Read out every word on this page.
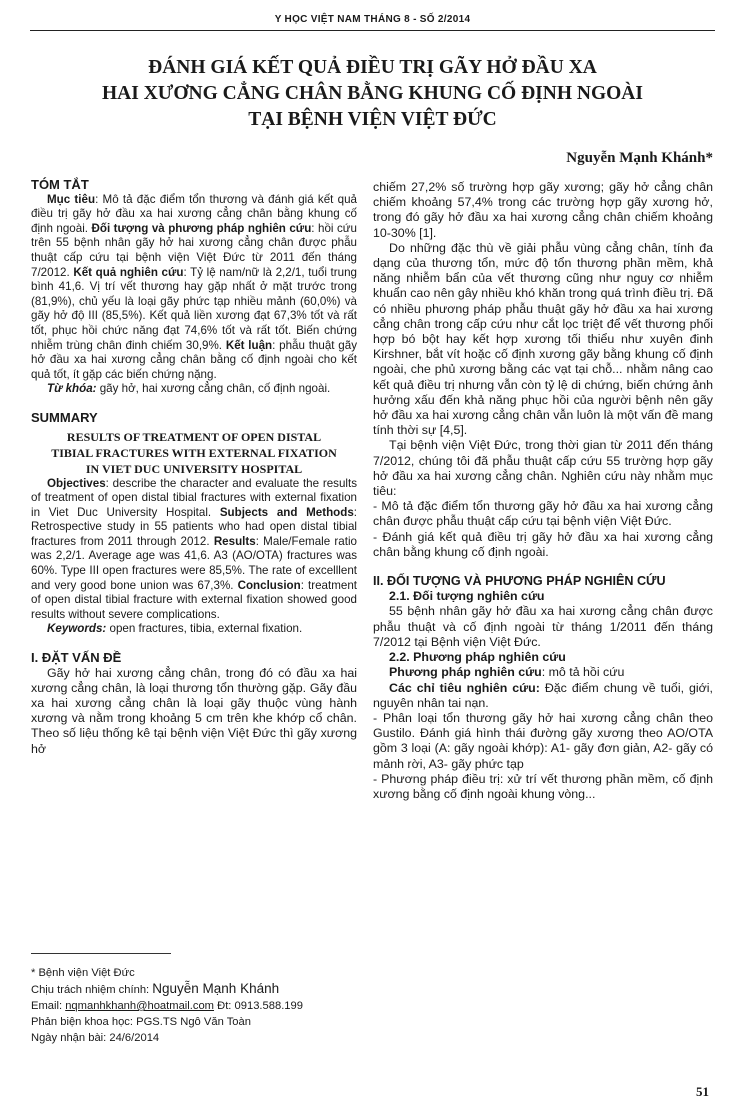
Y HỌC VIỆT NAM THÁNG 8 - SỐ 2/2014
ĐÁNH GIÁ KẾT QUẢ ĐIỀU TRỊ GÃY HỞ ĐẦU XA
HAI XƯƠNG CẲNG CHÂN BẰNG KHUNG CỐ ĐỊNH NGOÀI
TẠI BỆNH VIỆN VIỆT ĐỨC
Nguyễn Mạnh Khánh*
TÓM TẮT

Mục tiêu: Mô tả đặc điểm tổn thương và đánh giá kết quả điều trị gãy hở đầu xa hai xương cẳng chân bằng khung cố định ngoài. Đối tượng và phương pháp nghiên cứu: hồi cứu trên 55 bệnh nhân gãy hở hai xương cẳng chân được phẫu thuật cấp cứu tại bệnh viện Việt Đức từ 2011 đến tháng 7/2012. Kết quả nghiên cứu: Tỷ lệ nam/nữ là 2,2/1, tuổi trung bình 41,6. Vị trí vết thương hay gặp nhất ở mặt trước trong (81,9%), chủ yếu là loại gãy phức tạp nhiều mảnh (60,0%) và gãy hở độ III (85,5%). Kết quả liền xương đạt 67,3% tốt và rất tốt, phục hồi chức năng đạt 74,6% tốt và rất tốt. Biến chứng nhiễm trùng chân đinh chiếm 30,9%. Kết luận: phẫu thuật gãy hở đầu xa hai xương cẳng chân bằng cố định ngoài cho kết quả tốt, ít gặp các biến chứng nặng.

Từ khóa: gãy hở, hai xương cẳng chân, cố định ngoài.

SUMMARY
RESULTS OF TREATMENT OF OPEN DISTAL
TIBIAL FRACTURES WITH EXTERNAL FIXATION
IN VIET DUC UNIVERSITY HOSPITAL

Objectives: describe the character and evaluate the results of treatment of open distal tibial fractures with external fixation in Viet Duc University Hospital. Subjects and Methods: Retrospective study in 55 patients who had open distal tibial fractures from 2011 through 2012. Results: Male/Female ratio was 2,2/1. Average age was 41,6. A3 (AO/OTA) fractures was 60%. Type III open fractures were 85,5%. The rate of excelllent and very good bone union was 67,3%. Conclusion: treatment of open distal tibial fracture with external fixation showed good results without severe complications.

Keywords: open fractures, tibia, external fixation.

I. ĐẶT VẤN ĐỀ

Gãy hở hai xương cẳng chân, trong đó có đầu xa hai xương cẳng chân, là loại thương tổn thường gặp. Gãy đầu xa hai xương cẳng chân là loại gãy thuộc vùng hành xương và nằm trong khoảng 5 cm trên khe khớp cổ chân. Theo số liệu thống kê tại bệnh viện Việt Đức thì gãy xương hở

chiếm 27,2% số trường hợp gãy xương; gãy hở cẳng chân chiếm khoảng 57,4% trong các trường hợp gãy xương hở, trong đó gãy hở đầu xa hai xương cẳng chân chiếm khoảng 10-30% [1].

Do những đặc thù về giải phẫu vùng cẳng chân, tính đa dạng của thương tổn, mức độ tổn thương phần mềm, khả năng nhiễm bẩn của vết thương cũng như nguy cơ nhiễm khuẩn cao nên gây nhiều khó khăn trong quá trình điều trị. Đã có nhiều phương pháp phẫu thuật gãy hở đầu xa hai xương cẳng chân trong cấp cứu như cắt lọc triệt để vết thương phối hợp bó bột hay kết hợp xương tối thiểu như xuyên đinh Kirshner, bắt vít hoặc cố định xương gãy bằng khung cố định ngoài, che phủ xương bằng các vạt tại chỗ... nhằm nâng cao kết quả điều trị nhưng vẫn còn tỷ lệ di chứng, biến chứng ảnh hưởng xấu đến khả năng phục hồi của người bệnh nên gãy hở đầu xa hai xương cẳng chân vẫn luôn là một vấn đề mang tính thời sự [4,5].

Tại bệnh viện Việt Đức, trong thời gian từ 2011 đến tháng 7/2012, chúng tôi đã phẫu thuật cấp cứu 55 trường hợp gãy hở đầu xa hai xương cẳng chân. Nghiên cứu này nhằm mục tiêu:

- Mô tả đặc điểm tổn thương gãy hở đầu xa hai xương cẳng chân được phẫu thuật cấp cứu tại bệnh viện Việt Đức.

- Đánh giá kết quả điều trị gãy hở đầu xa hai xương cẳng chân bằng khung cố định ngoài.

II. ĐỐI TƯỢNG VÀ PHƯƠNG PHÁP NGHIÊN CỨU

2.1. Đối tượng nghiên cứu

55 bệnh nhân gãy hở đầu xa hai xương cẳng chân được phẫu thuật và cố định ngoài từ tháng 1/2011 đến tháng 7/2012 tại Bệnh viện Việt Đức.

2.2. Phương pháp nghiên cứu

Phương pháp nghiên cứu: mô tả hồi cứu

Các chỉ tiêu nghiên cứu: Đặc điểm chung về tuổi, giới, nguyên nhân tai nạn.

- Phân loại tổn thương gãy hở hai xương cẳng chân theo Gustilo. Đánh giá hình thái đường gãy xương theo AO/OTA gồm 3 loại (A: gãy ngoài khớp): A1- gãy đơn giản, A2- gãy có mảnh rời, A3- gãy phức tạp

- Phương pháp điều trị: xử trí vết thương phần mềm, cố định xương bằng cố định ngoài khung vòng...

* Bệnh viện Việt Đức
Chịu trách nhiệm chính: Nguyễn Mạnh Khánh
Email: nqmanhkhanh@hoatmail.com Đt: 0913.588.199
Phản biện khoa học: PGS.TS Ngô Văn Toàn
Ngày nhận bài: 24/6/2014
51
